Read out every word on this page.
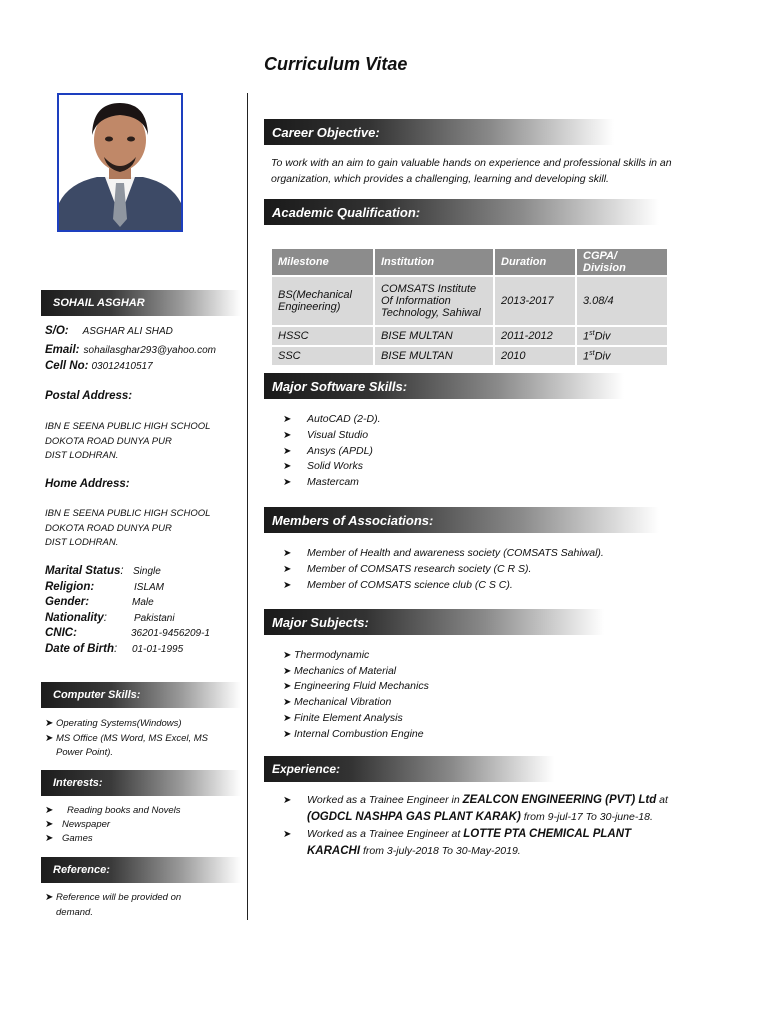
Curriculum Vitae
SOHAIL ASGHAR
S/O: ASGHAR ALI SHAD
Email: sohailasghar293@yahoo.com
Cell No: 03012410517
Postal Address:
IBN E SEENA PUBLIC HIGH SCHOOL
DOKOTA ROAD DUNYA PUR
DIST LODHRAN.
Home Address:
IBN E SEENA PUBLIC HIGH SCHOOL
DOKOTA ROAD DUNYA PUR
DIST LODHRAN.
Marital Status: Single
Religion:	ISLAM
Gender:	Male
Nationality:	Pakistani
CNIC:	36201-9456209-1
Date of Birth:	01-01-1995
Computer Skills:
➤ Operating Systems(Windows)
➤ MS Office (MS Word, MS Excel, MS Power Point).
Interests:
➤ Reading books and Novels
➤ Newspaper
➤ Games
Reference:
➤ Reference will be provided on demand.
Career Objective:
To work with an aim to gain valuable hands on experience and professional skills in an organization, which provides a challenging, learning and developing skill.
Academic Qualification:
Milestone	Institution	Duration	CGPA/ Division
BS(Mechanical Engineering)	COMSATS Institute Of Information Technology, Sahiwal	2013-2017	3.08/4
HSSC	BISE MULTAN	2011-2012	1stDiv
SSC	BISE MULTAN	2010	1stDiv
Major Software Skills:
➤ AutoCAD (2-D).
➤ Visual Studio
➤ Ansys (APDL)
➤ Solid Works
➤ Mastercam
Members of Associations:
➤ Member of Health and awareness society (COMSATS Sahiwal).
➤ Member of COMSATS research society (C R S).
➤ Member of COMSATS science club (C S C).
Major Subjects:
➤ Thermodynamic
➤ Mechanics of Material
➤ Engineering Fluid Mechanics
➤ Mechanical Vibration
➤ Finite Element Analysis
➤ Internal Combustion Engine
Experience:
➤ Worked as a Trainee Engineer in ZEALCON ENGINEERING (PVT) Ltd at (OGDCL NASHPA GAS PLANT KARAK) from 9-jul-17 To 30-june-18.
➤ Worked as a Trainee Engineer at LOTTE PTA CHEMICAL PLANT KARACHI from 3-july-2018 To 30-May-2019.
